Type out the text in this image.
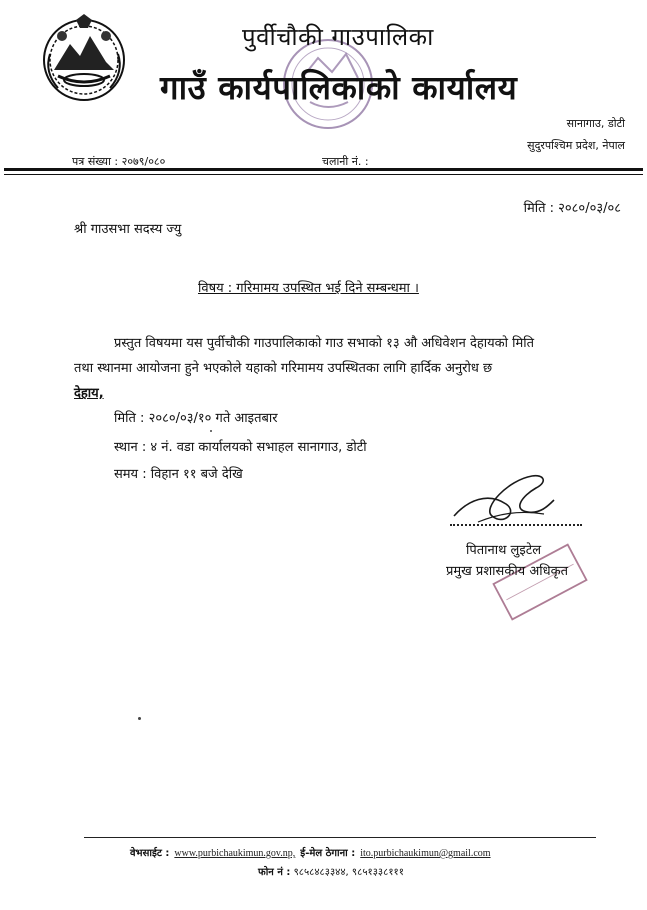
पुर्वीचौकी गाउपालिका
गाउँ कार्यपालिकाको कार्यालय
सानागाउ, डोटी
सुदुरपश्चिम प्रदेश, नेपाल
पत्र संख्या : २०७९/०८०	चलानी नं. :
मिति : २०८०/०३/०८
श्री गाउसभा सदस्य ज्यु
विषय : गरिमामय उपस्थित भई दिने सम्बन्धमा ।
प्रस्तुत विषयमा यस पुर्वीचौकी गाउपालिकाको गाउ सभाको १३ औ अधिवेशन देहायको मिति
तथा स्थानमा आयोजना हुने भएकोले यहाको गरिमामय उपस्थितका लागि हार्दिक अनुरोध छ
देहाय,
मिति : २०८०/०३/१० गते आइतबार
स्थान : ४ नं. वडा कार्यालयको सभाहल सानागाउ, डोटी
समय : विहान ११ बजे देखि
पितानाथ लुइटेल
प्रमुख प्रशासकीय अधिकृत
वेभसाईट : www.purbichaukimun.gov.np, ई-मेल ठेगाना : ito.purbichaukimun@gmail.com
फोन नं : ९८५८४८३३४४, ९८५१३३८१११
